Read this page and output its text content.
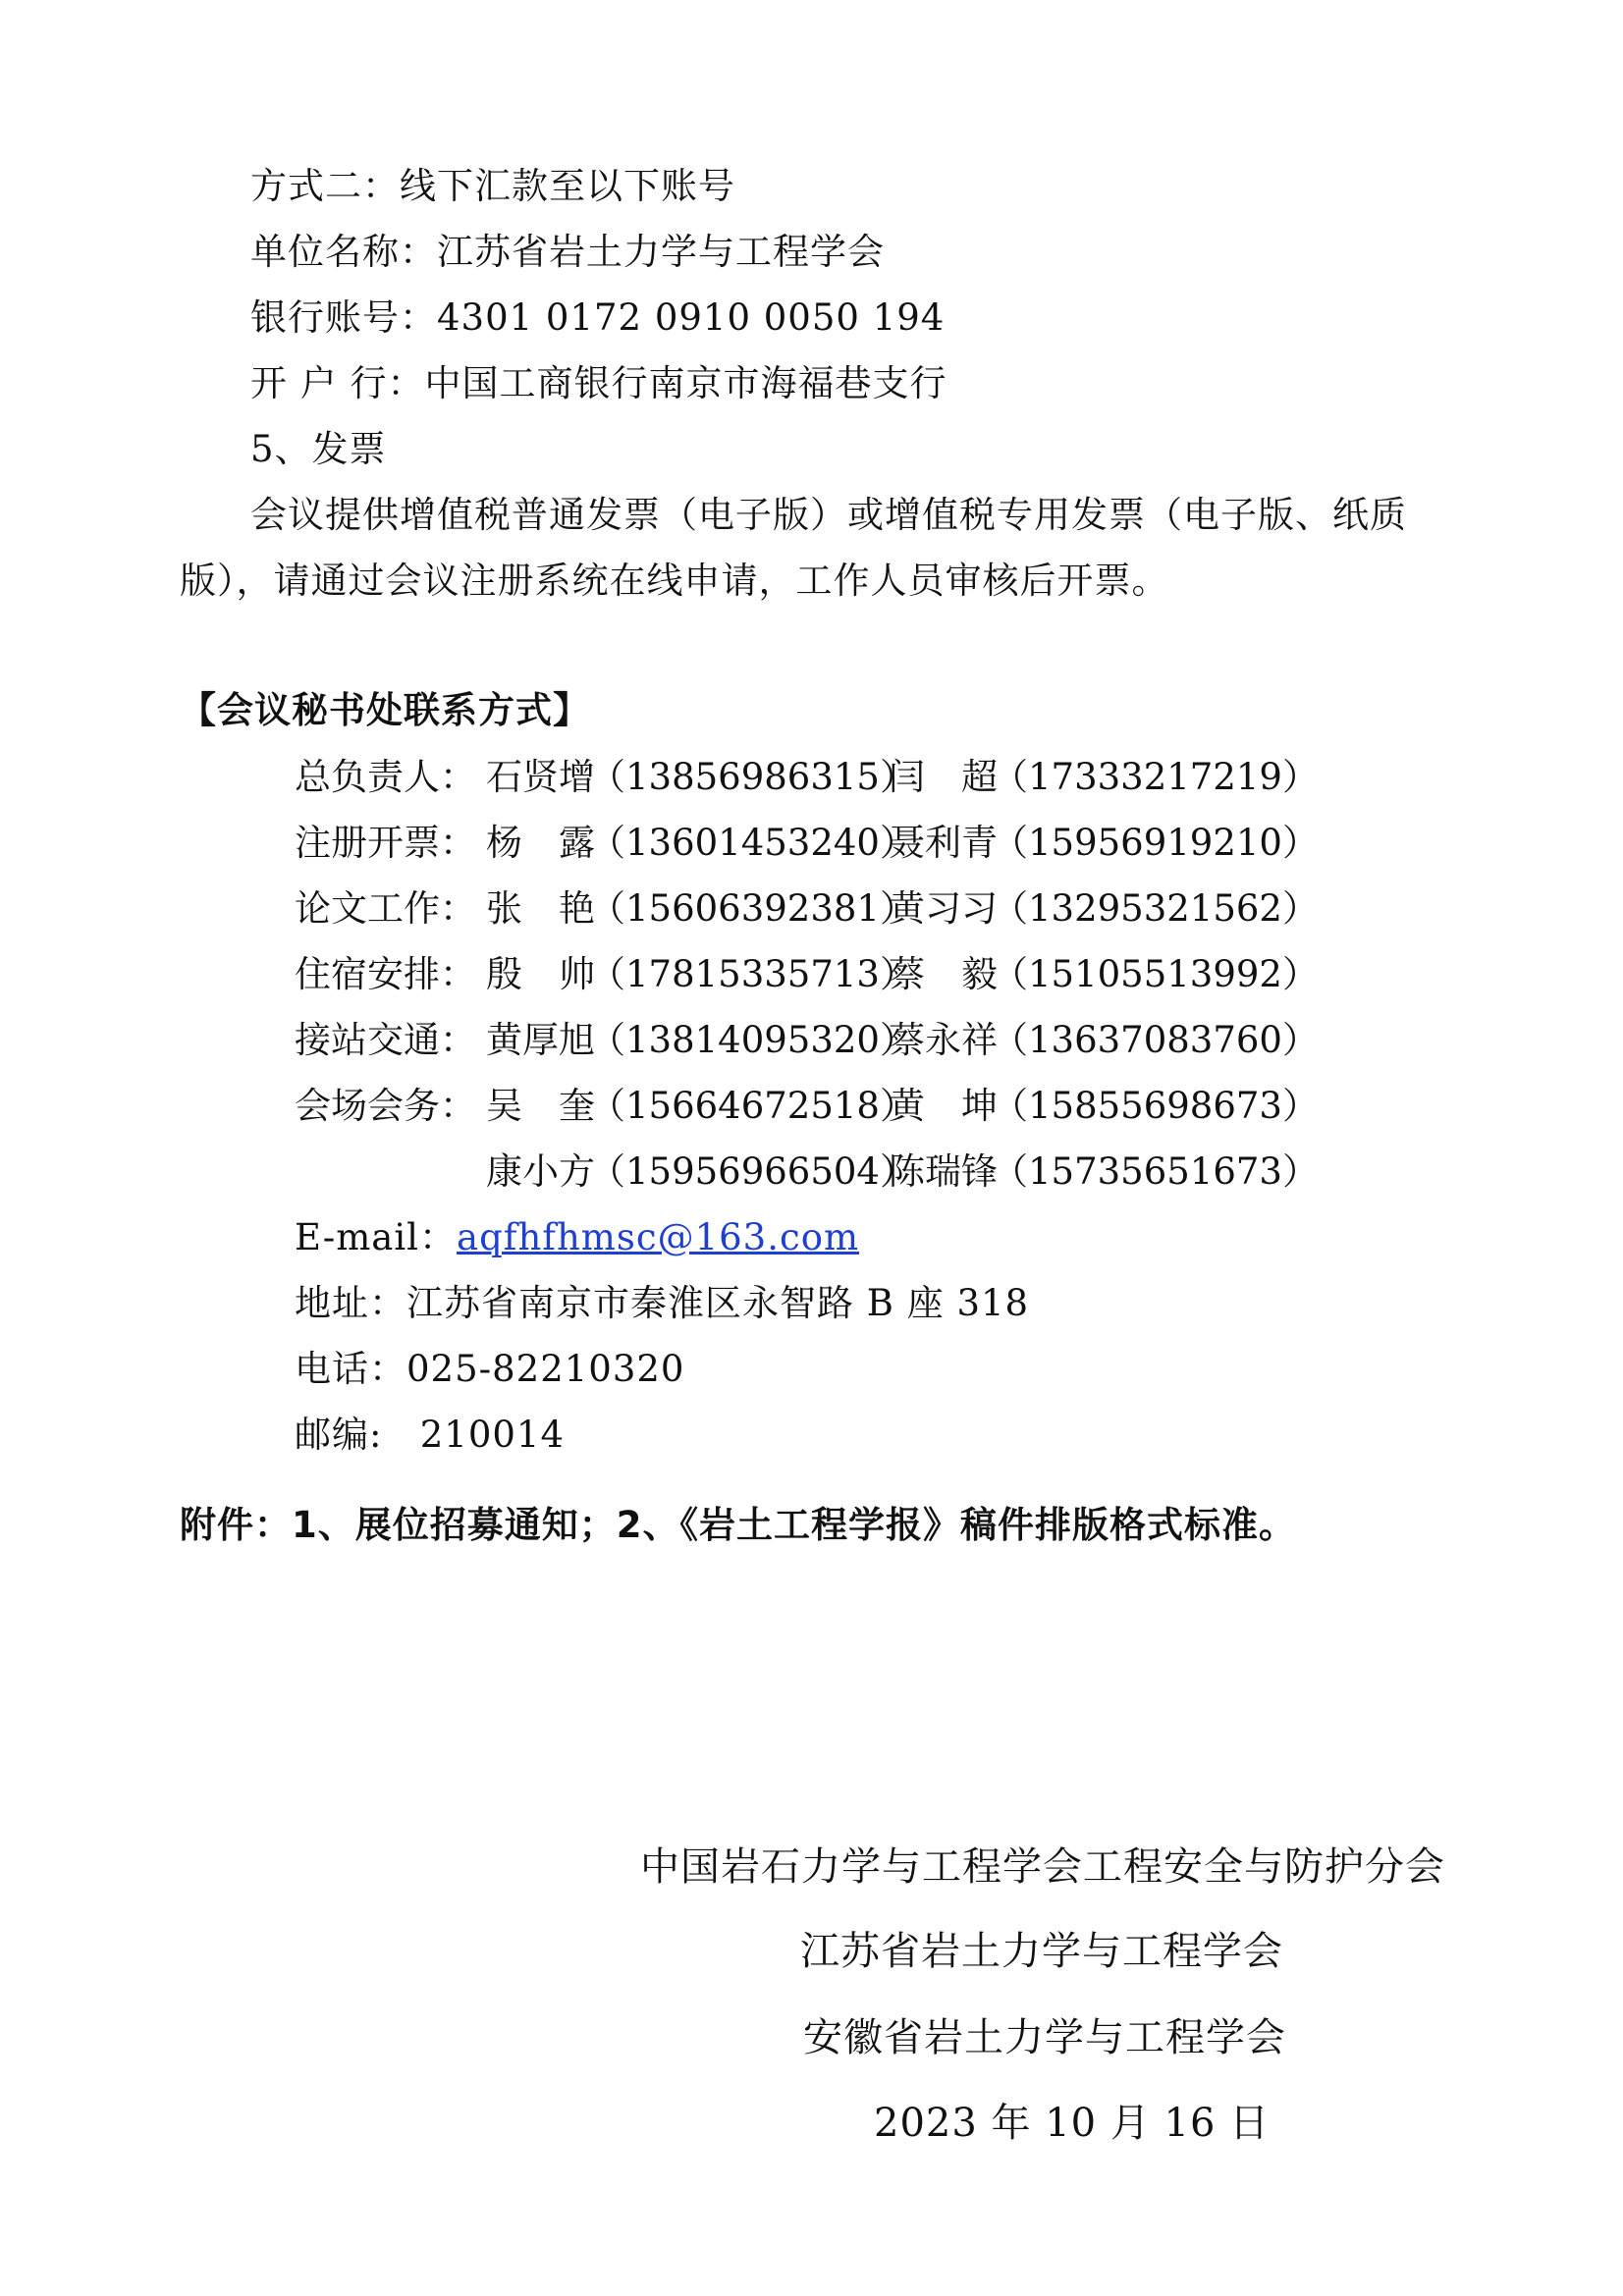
方式二：线下汇款至以下账号
单位名称：江苏省岩土力学与工程学会
银行账号：4301 0172 0910 0050 194
开 户 行：中国工商银行南京市海福巷支行
5、发票
会议提供增值税普通发票（电子版）或增值税专用发票（电子版、纸质
版），请通过会议注册系统在线申请，工作人员审核后开票。
【会议秘书处联系方式】
总负责人： 石贤增
（13856986315）
闫　超
（17333217219）
注册开票： 杨　露
（13601453240）
聂利青
（15956919210）
论文工作： 张　艳
（15606392381）
黄习习
（13295321562）
住宿安排： 殷　帅
（17815335713）
蔡　毅
（15105513992）
接站交通： 黄厚旭
（13814095320）
蔡永祥
（13637083760）
会场会务： 吴　奎
（15664672518）
黄　坤
（15855698673）
康小方
（15956966504）
陈瑞锋
（15735651673）
E-mail：aqfhfhmsc@163.com
地址：江苏省南京市秦淮区永智路 B 座 318
电话：025-82210320
邮编:   210014
附件：1、展位招募通知；2、《岩土工程学报》稿件排版格式标准。
中国岩石力学与工程学会工程安全与防护分会
江苏省岩土力学与工程学会
安徽省岩土力学与工程学会
2023 年 10 月 16 日
